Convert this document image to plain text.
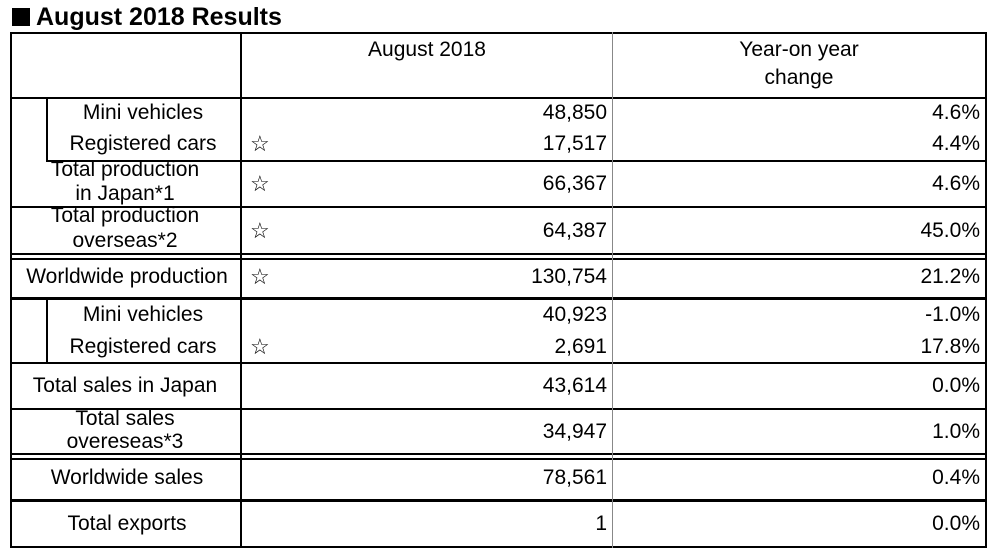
August 2018 Results
August 2018	Year-on year
change
Mini vehicles	48,850	4.6%
Registered cars	☆	17,517	4.4%
Total production
in Japan*1	☆	66,367	4.6%
Total production
overseas*2	☆	64,387	45.0%
Worldwide production	☆	130,754	21.2%
Mini vehicles	40,923	-1.0%
Registered cars	☆	2,691	17.8%
Total sales in Japan	43,614	0.0%
Total sales
overeseas*3	34,947	1.0%
Worldwide sales	78,561	0.4%
Total exports	1	0.0%
